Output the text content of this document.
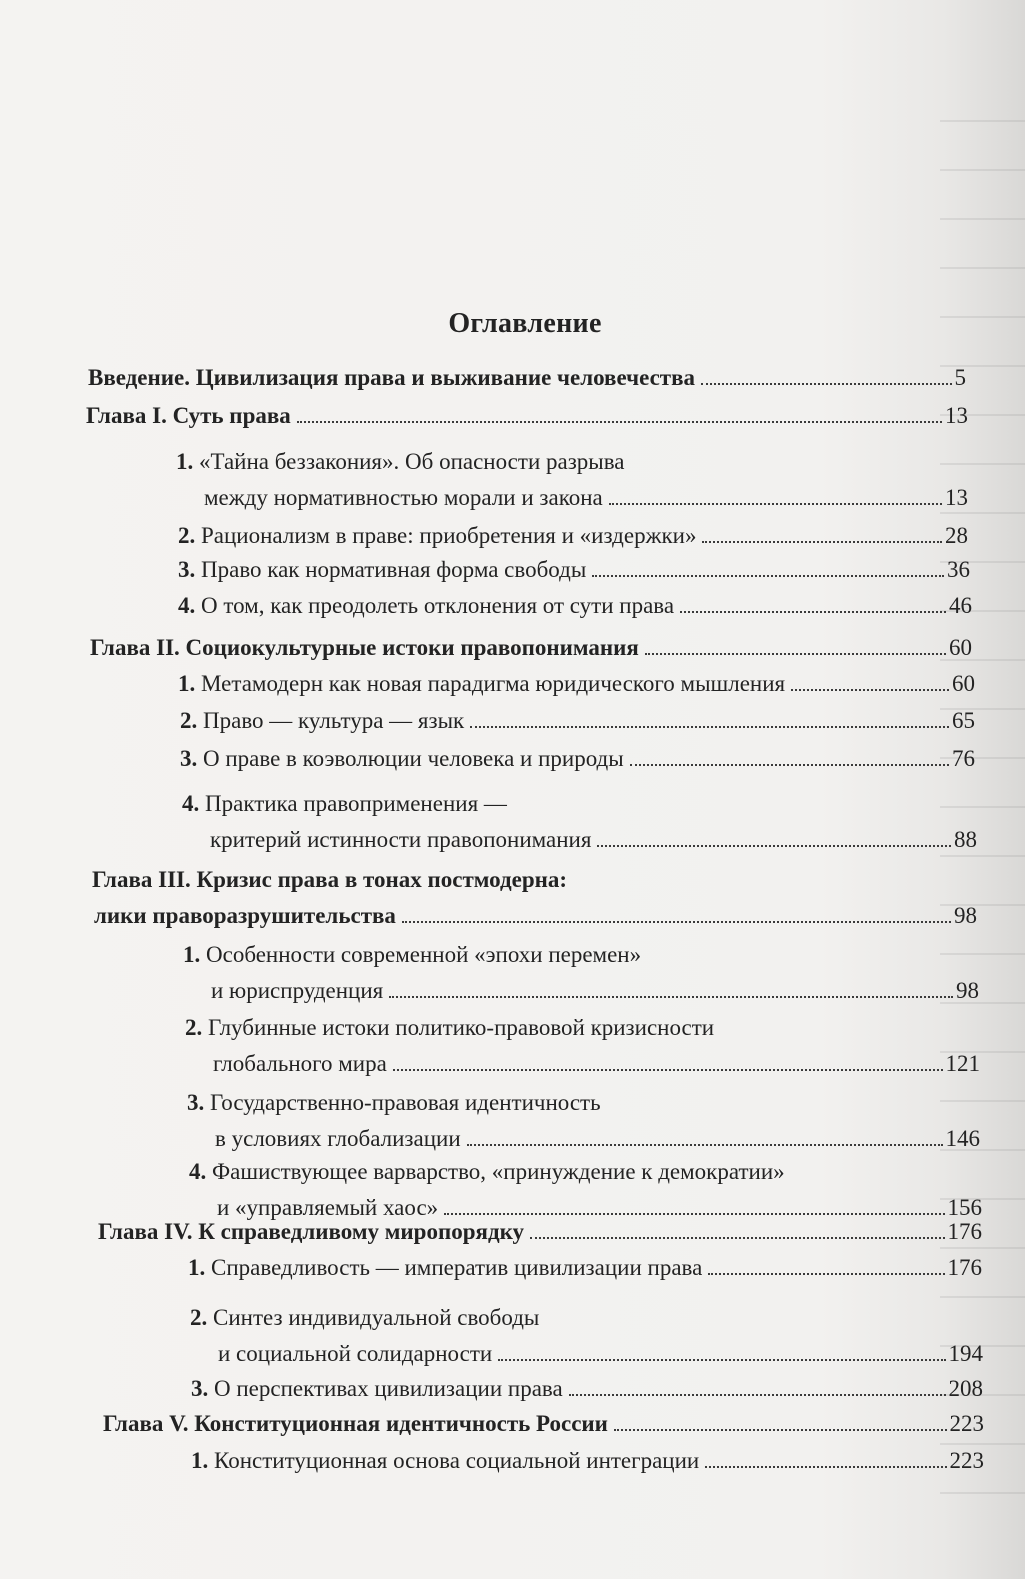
Оглавление
Введение. Цивилизация права и выживание человечества	5
Глава I. Суть права	13
1. «Тайна беззакония». Об опасности разрыва
между нормативностью морали и закона	13
2. Рационализм в праве: приобретения и «издержки»	28
3. Право как нормативная форма свободы	36
4. О том, как преодолеть отклонения от сути права	46
Глава II. Социокультурные истоки правопонимания	60
1. Метамодерн как новая парадигма юридического мышления	60
2. Право — культура — язык	65
3. О праве в коэволюции человека и природы	76
4. Практика правоприменения —
критерий истинности правопонимания	88
Глава III. Кризис права в тонах постмодерна:
лики праворазрушительства	98
1. Особенности современной «эпохи перемен»
и юриспруденция	98
2. Глубинные истоки политико-правовой кризисности
глобального мира	121
3. Государственно-правовая идентичность
в условиях глобализации	146
4. Фашиствующее варварство, «принуждение к демократии»
и «управляемый хаос»	156
Глава IV. К справедливому миропорядку	176
1. Справедливость — императив цивилизации права	176
2. Синтез индивидуальной свободы
и социальной солидарности	194
3. О перспективах цивилизации права	208
Глава V. Конституционная идентичность России	223
1. Конституционная основа социальной интеграции	223
